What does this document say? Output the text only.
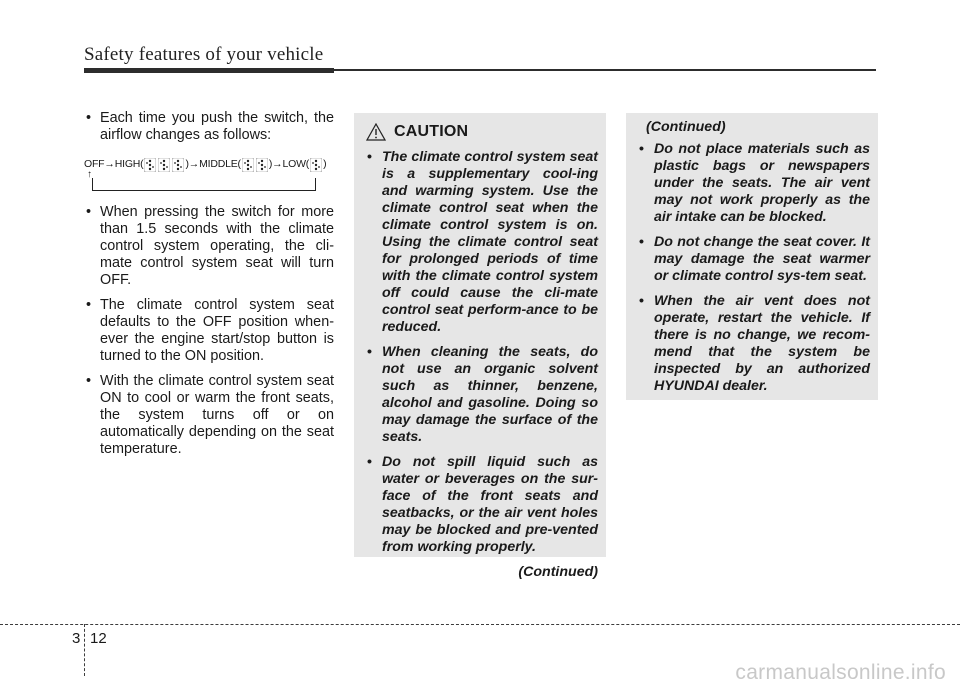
Safety features of your vehicle

• Each time you push the switch, the airflow changes as follows:

OFF→HIGH(	)→MIDDLE(	)→LOW( )
↑

• When pressing the switch for more than 1.5 seconds with the climate control system operating, the cli-mate control system seat will turn OFF.

• The climate control system seat defaults to the OFF position when-ever the engine start/stop button is turned to the ON position.

• With the climate control system seat ON to cool or warm the front seats, the system turns off or on automatically depending on the seat temperature.

CAUTION

• The climate control system seat is a supplementary cool-ing and warming system. Use the climate control seat when the climate control system is on. Using the climate control seat for prolonged periods of time with the climate control system off could cause the cli-mate control seat perform-ance to be reduced.

• When cleaning the seats, do not use an organic solvent such as thinner, benzene, alcohol and gasoline. Doing so may damage the surface of the seats.

• Do not spill liquid such as water or beverages on the sur-face of the front seats and seatbacks, or the air vent holes may be blocked and pre-vented from working properly.

(Continued)

(Continued)

• Do not place materials such as plastic bags or newspapers under the seats. The air vent may not work properly as the air intake can be blocked.

• Do not change the seat cover. It may damage the seat warmer or climate control sys-tem seat.

• When the air vent does not operate, restart the vehicle. If there is no change, we recom-mend that the system be inspected by an authorized HYUNDAI dealer.

3 12
carmanualsonline.info
